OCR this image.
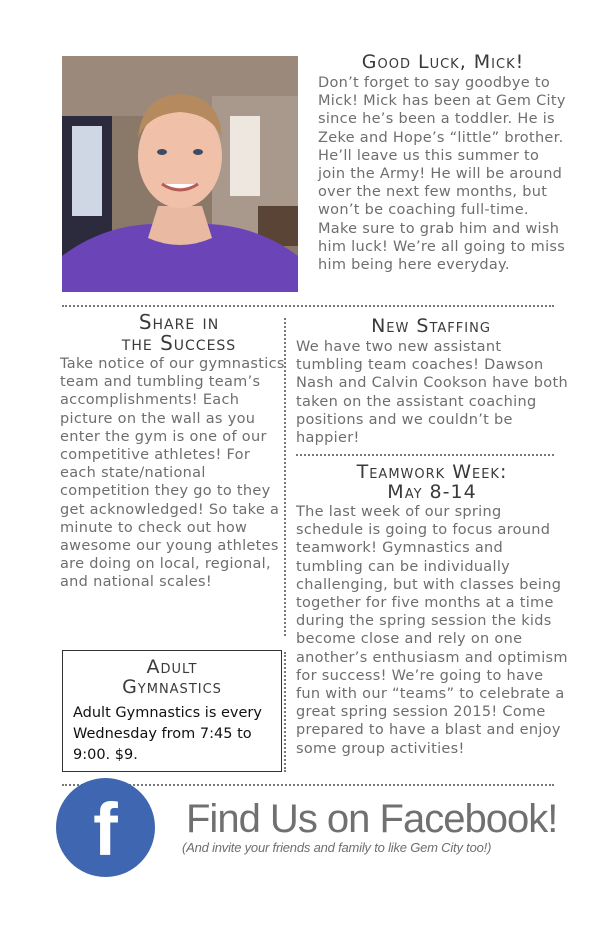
Good Luck, Mick!
Don’t forget to say goodbye to Mick! Mick has been at Gem City since he’s been a toddler. He is Zeke and Hope’s “little” brother. He’ll leave us this summer to join the Army! He will be around over the next few months, but won’t be coaching full-time. Make sure to grab him and wish him luck! We’re all going to miss him being here everyday.
Share in
the Success
Take notice of our gymnastics team and tumbling team’s accomplishments! Each picture on the wall as you enter the gym is one of our competitive athletes! For each state/national competition they go to they get acknowledged! So take a minute to check out how awesome our young athletes are doing on local, regional, and national scales!
New Staffing
We have two new assistant tumbling team coaches! Dawson Nash and Calvin Cookson have both taken on the assistant coaching positions and we couldn’t be happier!
Teamwork Week:
May 8-14
The last week of our spring schedule is going to focus around teamwork! Gymnastics and tumbling can be individually challenging, but with classes being together for five months at a time during the spring session the kids become close and rely on one another’s enthusiasm and optimism for success! We’re going to have fun with our “teams” to celebrate a great spring session 2015! Come prepared to have a blast and enjoy some group activities!
Adult
Gymnastics
Adult Gymnastics is every Wednesday from 7:45 to 9:00. $9.
f	Find Us on Facebook!
(And invite your friends and family to like Gem City too!)
